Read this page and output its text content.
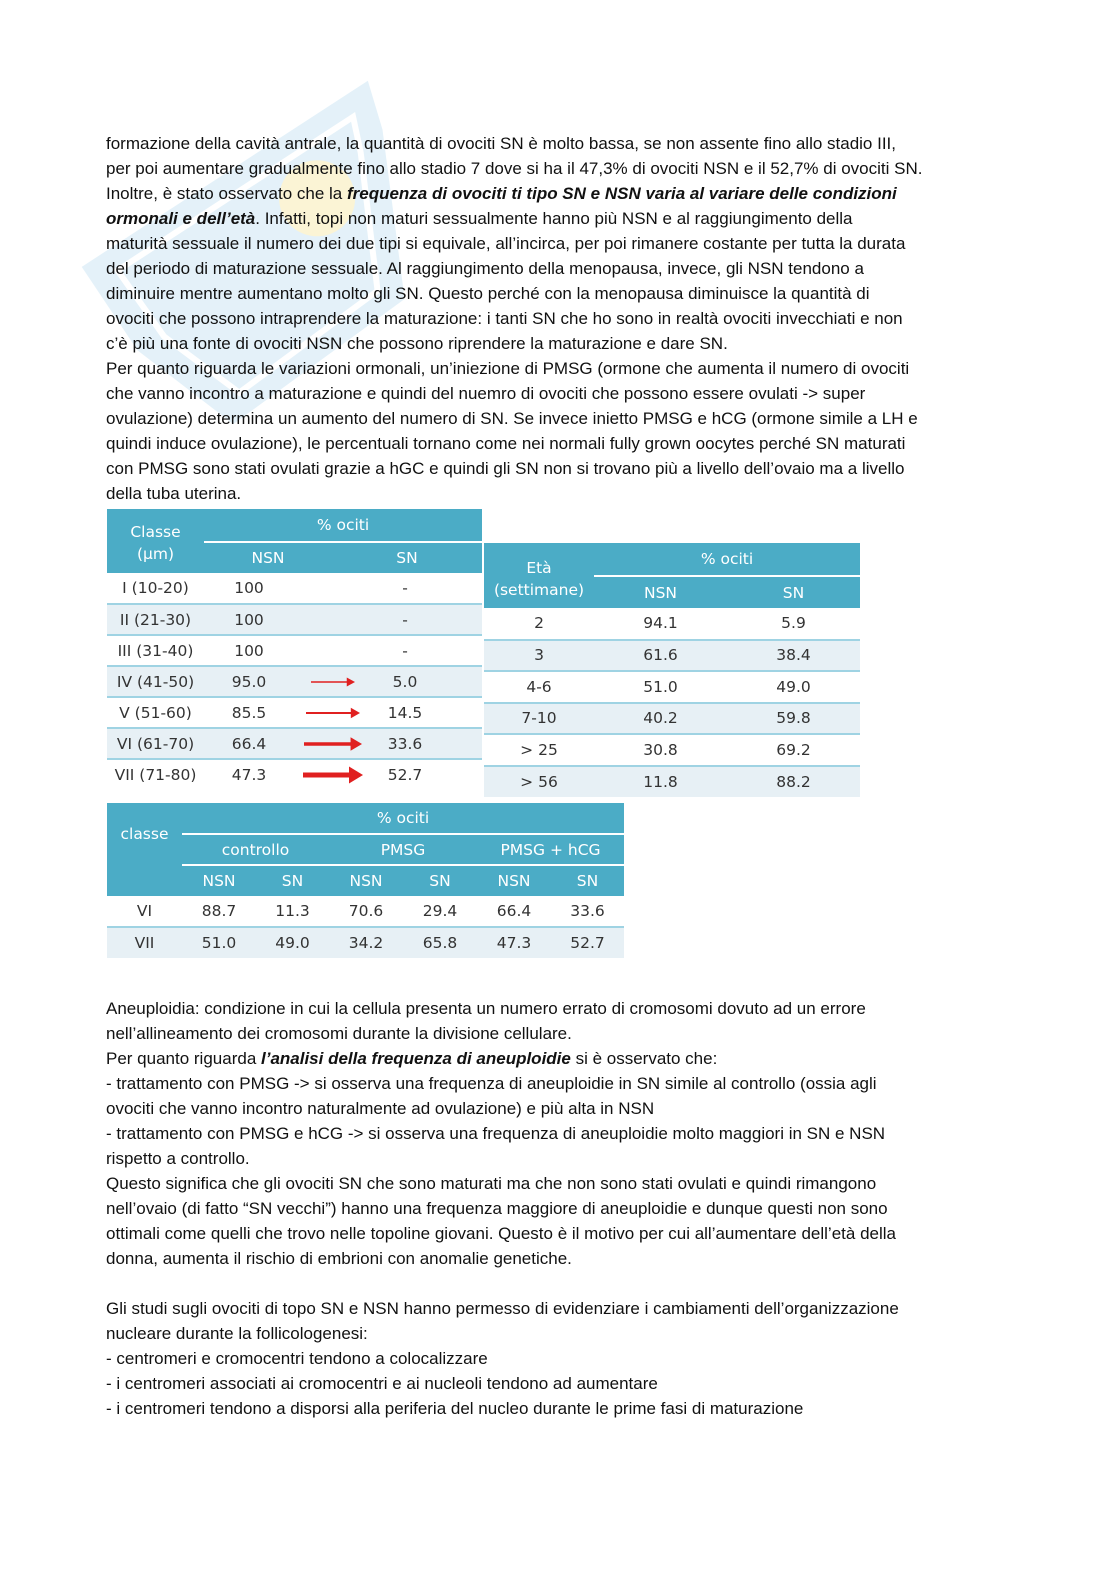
formazione della cavità antrale, la quantità di ovociti SN è molto bassa, se non assente fino allo stadio III,

per poi aumentare gradualmente fino allo stadio 7 dove si ha il 47,3% di ovociti NSN e il 52,7% di ovociti SN.

Inoltre, è stato osservato che la frequenza di ovociti ti tipo SN e NSN varia al variare delle condizioni

ormonali e dell’età. Infatti, topi non maturi sessualmente hanno più NSN e al raggiungimento della

maturità sessuale il numero dei due tipi si equivale, all’incirca, per poi rimanere costante per tutta la durata

del periodo di maturazione sessuale. Al raggiungimento della menopausa, invece, gli NSN tendono a

diminuire mentre aumentano molto gli SN. Questo perché con la menopausa diminuisce la quantità di

ovociti che possono intraprendere la maturazione: i tanti SN che ho sono in realtà ovociti invecchiati e non

c’è più una fonte di ovociti NSN che possono riprendere la maturazione e dare SN.

Per quanto riguarda le variazioni ormonali, un’iniezione di PMSG (ormone che aumenta il numero di ovociti

che vanno incontro a maturazione e quindi del nuemro di ovociti che possono essere ovulati -> super

ovulazione) determina un aumento del numero di SN. Se invece inietto PMSG e hCG (ormone simile a LH e

quindi induce ovulazione), le percentuali tornano come nei normali fully grown oocytes perché SN maturati

con PMSG sono stati ovulati grazie a hGC e quindi gli SN non si trovano più a livello dell’ovaio ma a livello

della tuba uterina.

Classe
(µm)	% ociti	
	NSN	SN
I (10-20)	100	-
II (21-30)	100	-
III (31-40)	100	-
IV (41-50)	95.0	5.0
V (51-60)	85.5	14.5
VI (61-70)	66.4	33.6
VII (71-80)	47.3	52.7
Età
(settimane)	% ociti	
	NSN	SN
2	94.1	5.9
3	61.6	38.4
4-6	51.0	49.0
7-10	40.2	59.8
> 25	30.8	69.2
> 56	11.8	88.2
classe	% ociti					
	controllo		PMSG		PMSG + hCG	
	NSN	SN	NSN	SN	NSN	SN
VI	88.7	11.3	70.6	29.4	66.4	33.6
VII	51.0	49.0	34.2	65.8	47.3	52.7

Aneuploidia: condizione in cui la cellula presenta un numero errato di cromosomi dovuto ad un errore

nell’allineamento dei cromosomi durante la divisione cellulare.

Per quanto riguarda l’analisi della frequenza di aneuploidie si è osservato che:

- trattamento con PMSG -> si osserva una frequenza di aneuploidie in SN simile al controllo (ossia agli

ovociti che vanno incontro naturalmente ad ovulazione) e più alta in NSN

- trattamento con PMSG e hCG -> si osserva una frequenza di aneuploidie molto maggiori in SN e NSN

rispetto a controllo.

Questo significa che gli ovociti SN che sono maturati ma che non sono stati ovulati e quindi rimangono

nell’ovaio (di fatto “SN vecchi”) hanno una frequenza maggiore di aneuploidie e dunque questi non sono

ottimali come quelli che trovo nelle topoline giovani. Questo è il motivo per cui all’aumentare dell’età della

donna, aumenta il rischio di embrioni con anomalie genetiche.

Gli studi sugli ovociti di topo SN e NSN hanno permesso di evidenziare i cambiamenti dell’organizzazione

nucleare durante la follicologenesi:

- centromeri e cromocentri tendono a colocalizzare

- i centromeri associati ai cromocentri e ai nucleoli tendono ad aumentare

- i centromeri tendono a disporsi alla periferia del nucleo durante le prime fasi di maturazione
